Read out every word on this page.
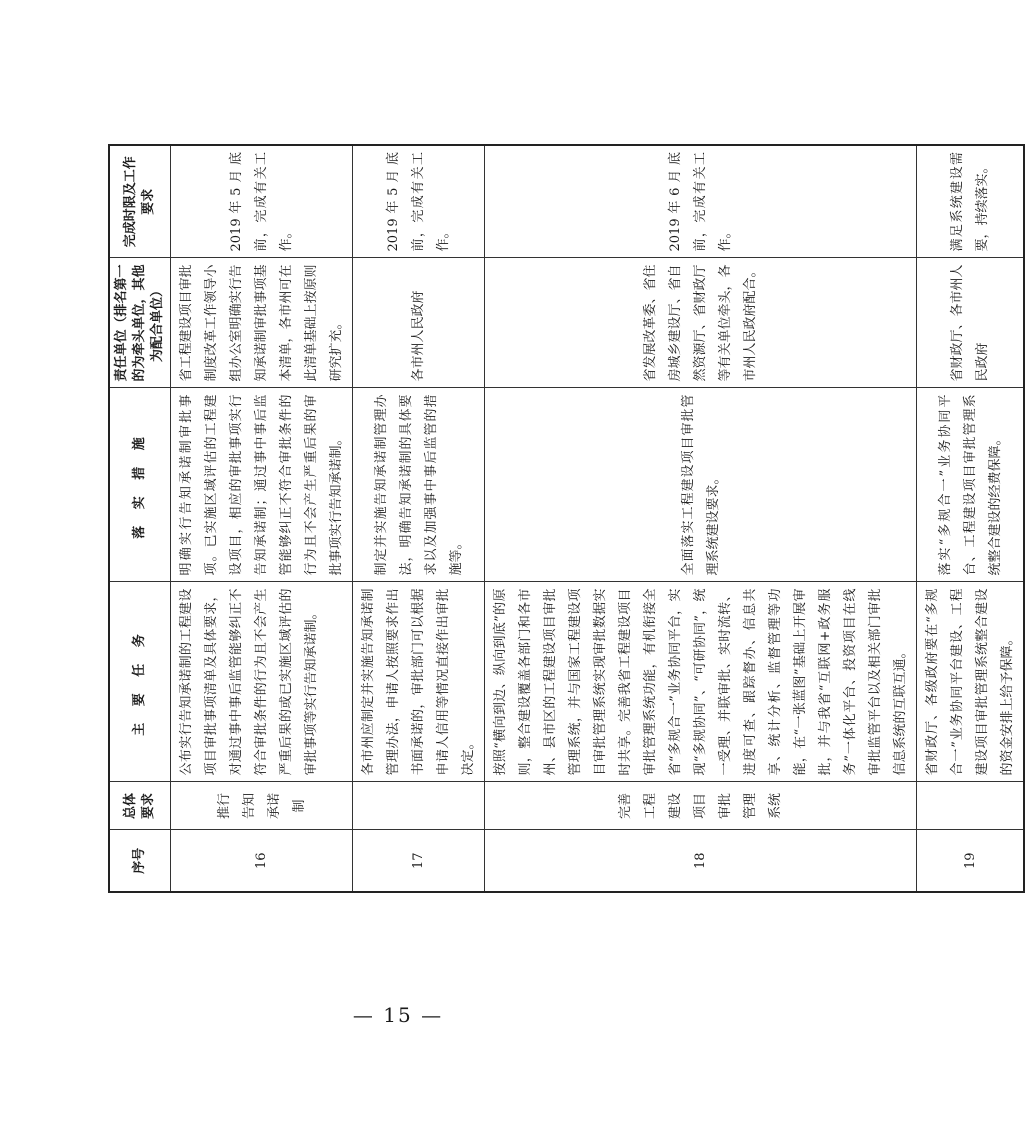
序号	总体要求	主 要 任 务	落 实 措 施	责任单位（排名第一的为牵头单位，其他为配合单位）	完成时限及工作要求
16	推行告知承诺制	公布实行告知承诺制的工程建设项目审批事项清单及具体要求，对通过事中事后监管能够纠正不符合审批条件的行为且不会产生严重后果的或已实施区域评估的审批事项等实行告知承诺制。	明确实行告知承诺制审批事项。已实施区域评估的工程建设项目，相应的审批事项实行告知承诺制；通过事中事后监管能够纠正不符合审批条件的行为且不会产生严重后果的审批事项实行告知承诺制。	省工程建设项目审批制度改革工作领导小组办公室明确实行告知承诺制审批事项基本清单，各市州可在此清单基础上按原则研究扩充。	2019年5月底前，完成有关工作。
17		各市州应制定并实施告知承诺制管理办法，申请人按照要求作出书面承诺的，审批部门可以根据申请人信用等情况直接作出审批决定。	制定并实施告知承诺制管理办法，明确告知承诺制的具体要求以及加强事中事后监管的措施等。	各市州人民政府	2019年5月底前，完成有关工作。
18	完善工程建设项目审批管理系统	按照“横向到边、纵向到底”的原则，整合建设覆盖各部门和各市州、县市区的工程建设项目审批管理系统，并与国家工程建设项目审批管理系统实现审批数据实时共享。完善我省工程建设项目审批管理系统功能，有机衔接全省“多规合一”业务协同平台，实现“多规协同”、“可研协同”，统一受理、并联审批、实时流转、进度可查、跟踪督办、信息共享、统计分析、监督管理等功能，在“一张蓝图”基础上开展审批，并与我省“互联网+政务服务”一体化平台、投资项目在线审批监管平台以及相关部门审批信息系统的互联互通。	全面落实工程建设项目审批管理系统建设要求。	省发展改革委、省住房城乡建设厅、省自然资源厅、省财政厅等有关单位牵头，各市州人民政府配合。	2019年6月底前，完成有关工作。
19		省财政厅、各级政府要在“多规合一”业务协同平台建设、工程建设项目审批管理系统整合建设的资金安排上给予保障。	落实“多规合一”业务协同平台、工程建设项目审批管理系统整合建设的经费保障。	省财政厅、各市州人民政府	满足系统建设需要，持续落实。
— 15 —
